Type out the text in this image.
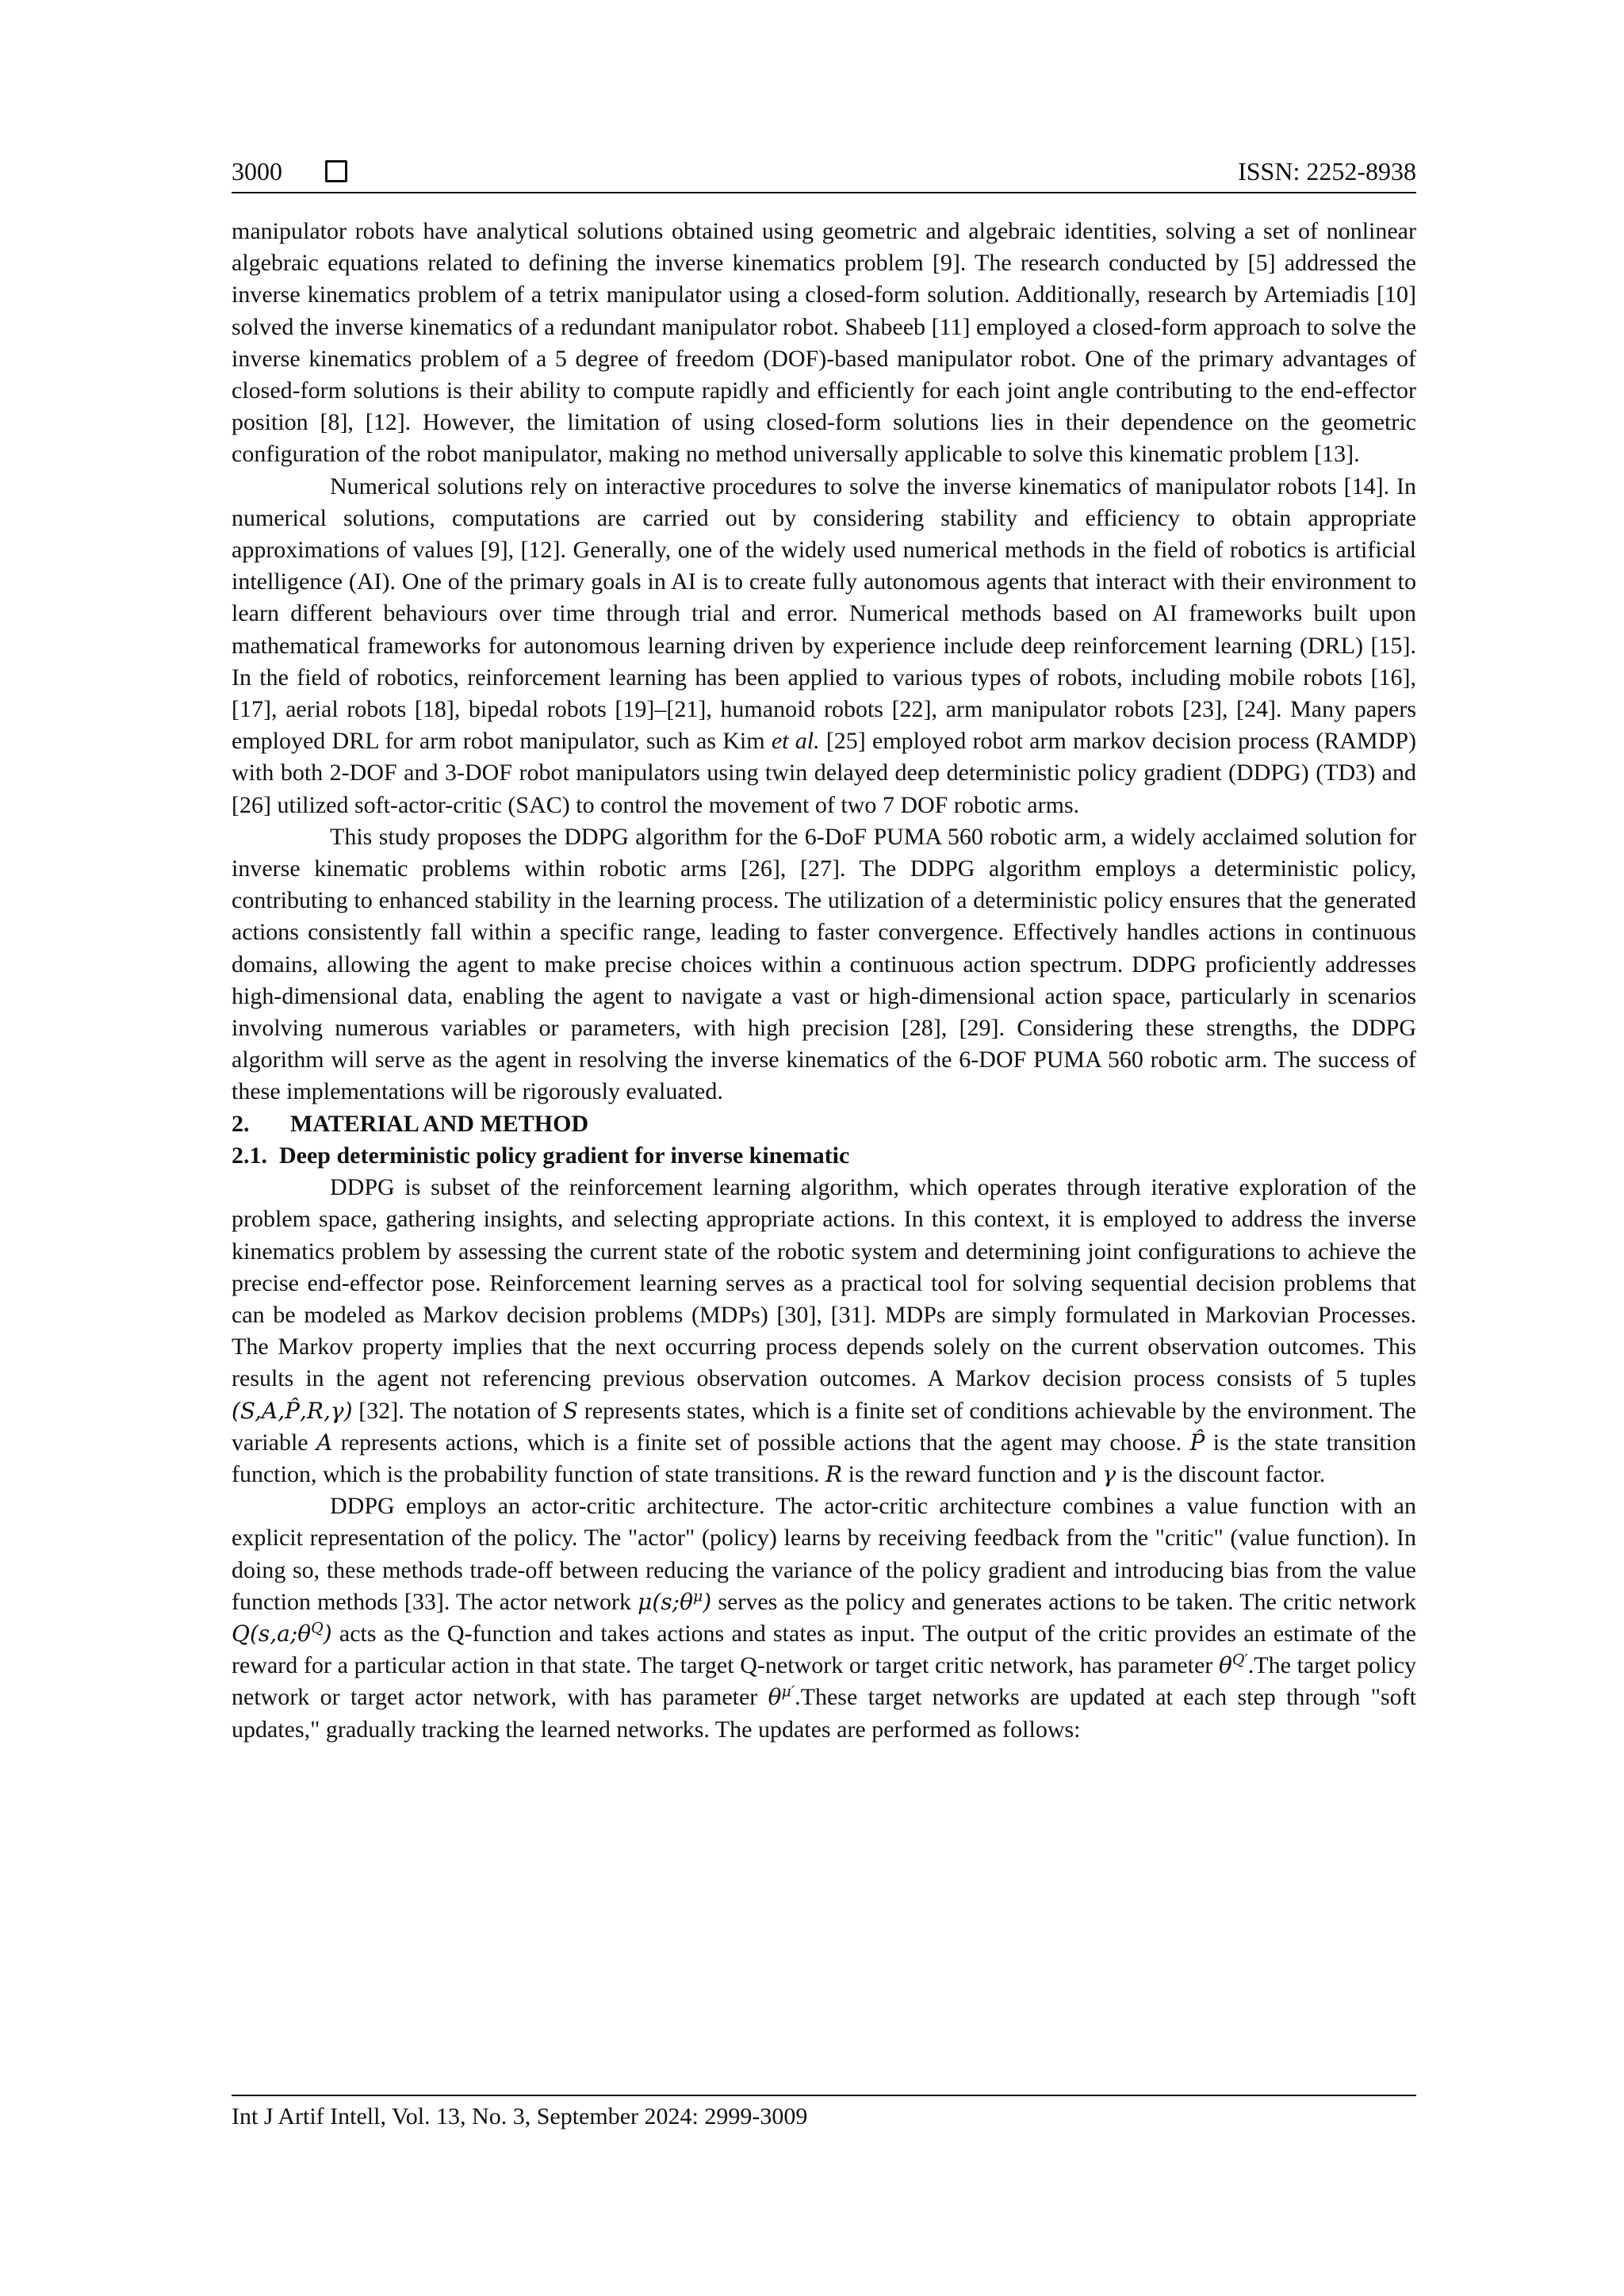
3000	ISSN: 2252-8938

manipulator robots have analytical solutions obtained using geometric and algebraic identities, solving a set of nonlinear algebraic equations related to defining the inverse kinematics problem [9]. The research conducted by [5] addressed the inverse kinematics problem of a tetrix manipulator using a closed-form solution. Additionally, research by Artemiadis [10] solved the inverse kinematics of a redundant manipulator robot. Shabeeb [11] employed a closed-form approach to solve the inverse kinematics problem of a 5 degree of freedom (DOF)-based manipulator robot. One of the primary advantages of closed-form solutions is their ability to compute rapidly and efficiently for each joint angle contributing to the end-effector position [8], [12]. However, the limitation of using closed-form solutions lies in their dependence on the geometric configuration of the robot manipulator, making no method universally applicable to solve this kinematic problem [13].

Numerical solutions rely on interactive procedures to solve the inverse kinematics of manipulator robots [14]. In numerical solutions, computations are carried out by considering stability and efficiency to obtain appropriate approximations of values [9], [12]. Generally, one of the widely used numerical methods in the field of robotics is artificial intelligence (AI). One of the primary goals in AI is to create fully autonomous agents that interact with their environment to learn different behaviours over time through trial and error. Numerical methods based on AI frameworks built upon mathematical frameworks for autonomous learning driven by experience include deep reinforcement learning (DRL) [15]. In the field of robotics, reinforcement learning has been applied to various types of robots, including mobile robots [16], [17], aerial robots [18], bipedal robots [19]–[21], humanoid robots [22], arm manipulator robots [23], [24]. Many papers employed DRL for arm robot manipulator, such as Kim et al. [25] employed robot arm markov decision process (RAMDP) with both 2-DOF and 3-DOF robot manipulators using twin delayed deep deterministic policy gradient (DDPG) (TD3) and [26] utilized soft-actor-critic (SAC) to control the movement of two 7 DOF robotic arms.

This study proposes the DDPG algorithm for the 6-DoF PUMA 560 robotic arm, a widely acclaimed solution for inverse kinematic problems within robotic arms [26], [27]. The DDPG algorithm employs a deterministic policy, contributing to enhanced stability in the learning process. The utilization of a deterministic policy ensures that the generated actions consistently fall within a specific range, leading to faster convergence. Effectively handles actions in continuous domains, allowing the agent to make precise choices within a continuous action spectrum. DDPG proficiently addresses high-dimensional data, enabling the agent to navigate a vast or high-dimensional action space, particularly in scenarios involving numerous variables or parameters, with high precision [28], [29]. Considering these strengths, the DDPG algorithm will serve as the agent in resolving the inverse kinematics of the 6-DOF PUMA 560 robotic arm. The success of these implementations will be rigorously evaluated.

2. MATERIAL AND METHOD

2.1. Deep deterministic policy gradient for inverse kinematic

DDPG is subset of the reinforcement learning algorithm, which operates through iterative exploration of the problem space, gathering insights, and selecting appropriate actions. In this context, it is employed to address the inverse kinematics problem by assessing the current state of the robotic system and determining joint configurations to achieve the precise end-effector pose. Reinforcement learning serves as a practical tool for solving sequential decision problems that can be modeled as Markov decision problems (MDPs) [30], [31]. MDPs are simply formulated in Markovian Processes. The Markov property implies that the next occurring process depends solely on the current observation outcomes. This results in the agent not referencing previous observation outcomes. A Markov decision process consists of 5 tuples (S,A,P̂,R,γ) [32]. The notation of S represents states, which is a finite set of conditions achievable by the environment. The variable A represents actions, which is a finite set of possible actions that the agent may choose. P̂ is the state transition function, which is the probability function of state transitions. R is the reward function and γ is the discount factor.

DDPG employs an actor-critic architecture. The actor-critic architecture combines a value function with an explicit representation of the policy. The "actor" (policy) learns by receiving feedback from the "critic" (value function). In doing so, these methods trade-off between reducing the variance of the policy gradient and introducing bias from the value function methods [33]. The actor network $\mu(s;\theta^\mu)$ serves as the policy and generates actions to be taken. The critic network $Q(s,a;\theta^Q)$ acts as the Q-function and takes actions and states as input. The output of the critic provides an estimate of the reward for a particular action in that state. The target Q-network or target critic network, has parameter $\theta^{Q'}.The$ target policy network or target actor network, with has parameter $\theta^{\mu'}.These$ target networks are updated at each step through "soft updates," gradually tracking the learned networks. The updates are performed as follows:

Int J Artif Intell, Vol. 13, No. 3, September 2024: 2999-3009
